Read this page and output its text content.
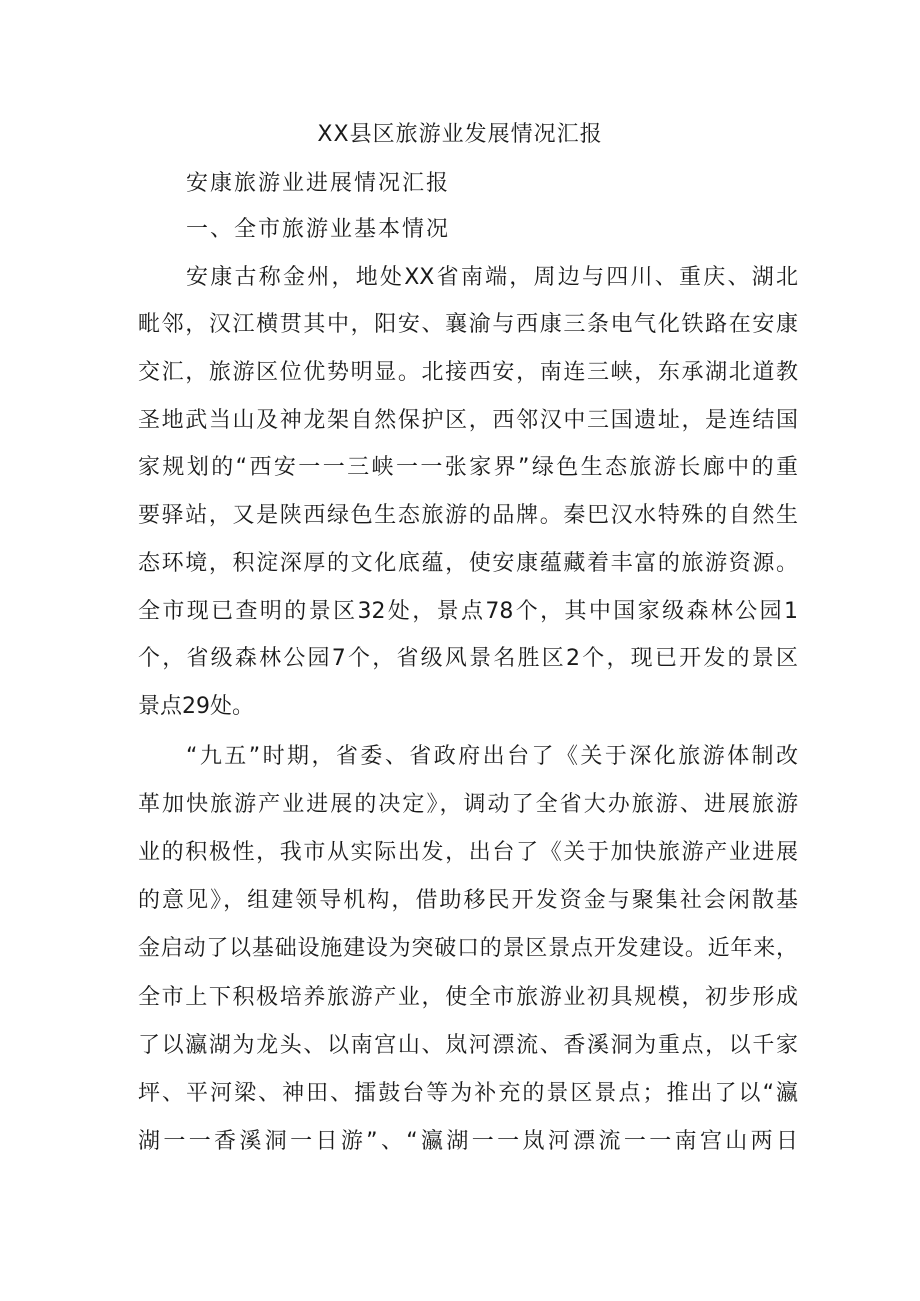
XX县区旅游业发展情况汇报
安康旅游业进展情况汇报
一、全市旅游业基本情况
安康古称金州，地处XX省南端，周边与四川、重庆、湖北
毗邻，汉江横贯其中，阳安、襄渝与西康三条电气化铁路在安康
交汇，旅游区位优势明显。北接西安，南连三峡，东承湖北道教
圣地武当山及神龙架自然保护区，西邻汉中三国遗址，是连结国
家规划的“西安一一三峡一一张家界”绿色生态旅游长廊中的重
要驿站，又是陕西绿色生态旅游的品牌。秦巴汉水特殊的自然生
态环境，积淀深厚的文化底蕴，使安康蕴藏着丰富的旅游资源。
全市现已查明的景区32处，景点78个，其中国家级森林公园1
个，省级森林公园7个，省级风景名胜区2个，现已开发的景区
景点29处。
“九五”时期，省委、省政府出台了《关于深化旅游体制改
革加快旅游产业进展的决定》，调动了全省大办旅游、进展旅游
业的积极性，我市从实际出发，出台了《关于加快旅游产业进展
的意见》，组建领导机构，借助移民开发资金与聚集社会闲散基
金启动了以基础设施建设为突破口的景区景点开发建设。近年来，
全市上下积极培养旅游产业，使全市旅游业初具规模，初步形成
了以瀛湖为龙头、以南宫山、岚河漂流、香溪洞为重点，以千家
坪、平河梁、神田、擂鼓台等为补充的景区景点；推出了以“瀛
湖一一香溪洞一日游”、“瀛湖一一岚河漂流一一南宫山两日
